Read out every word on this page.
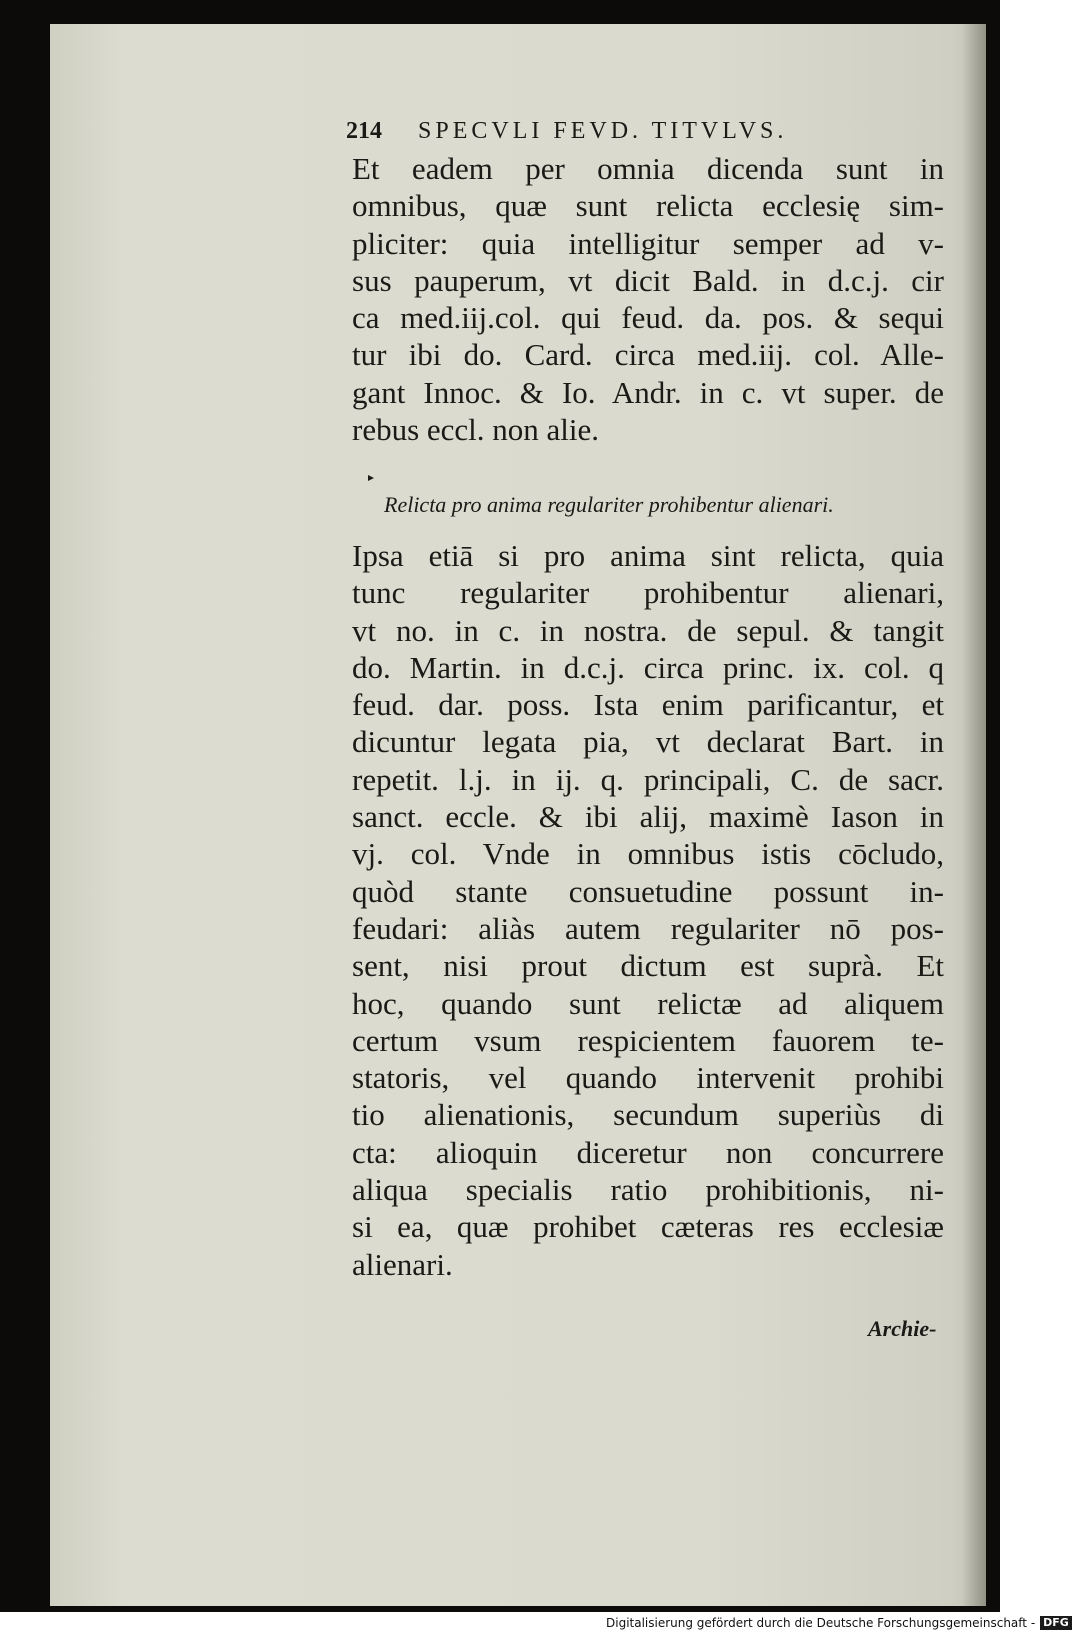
214 SPECVLI FEVD. TITVLVS.
Et eadem per omnia dicenda sunt in
omnibus, quæ sunt relicta ecclesię sim-
pliciter: quia intelligitur semper ad v-
sus pauperum, vt dicit Bald. in d.c.j. cir
ca med.iij.col. qui feud. da. pos. & sequi
tur ibi do. Card. circa med.iij. col. Alle-
gant Innoc. & Io. Andr. in c. vt super. de
rebus eccl. non alie.
Relicta pro anima regulariter prohibentur alienari.
Ipsa etiā si pro anima sint relicta, quia
tunc regulariter prohibentur alienari,
vt no. in c. in nostra. de sepul. & tangit
do. Martin. in d.c.j. circa princ. ix. col. q
feud. dar. poss. Ista enim parificantur, et
dicuntur legata pia, vt declarat Bart. in
repetit. l.j. in ij. q. principali, C. de sacr.
sanct. eccle. & ibi alij, maximè Iason in
vj. col. Vnde in omnibus istis cōcludo,
quòd stante consuetudine possunt in-
feudari: aliàs autem regulariter nō pos-
sent, nisi prout dictum est suprà. Et
hoc, quando sunt relictæ ad aliquem
certum vsum respicientem fauorem te-
statoris, vel quando intervenit prohibi
tio alienationis, secundum superiùs di
cta: alioquin diceretur non concurrere
aliqua specialis ratio prohibitionis, ni-
si ea, quæ prohibet cæteras res ecclesiæ
alienari.
Archie-
Digitalisierung gefördert durch die Deutsche Forschungsgemeinschaft - DFG
